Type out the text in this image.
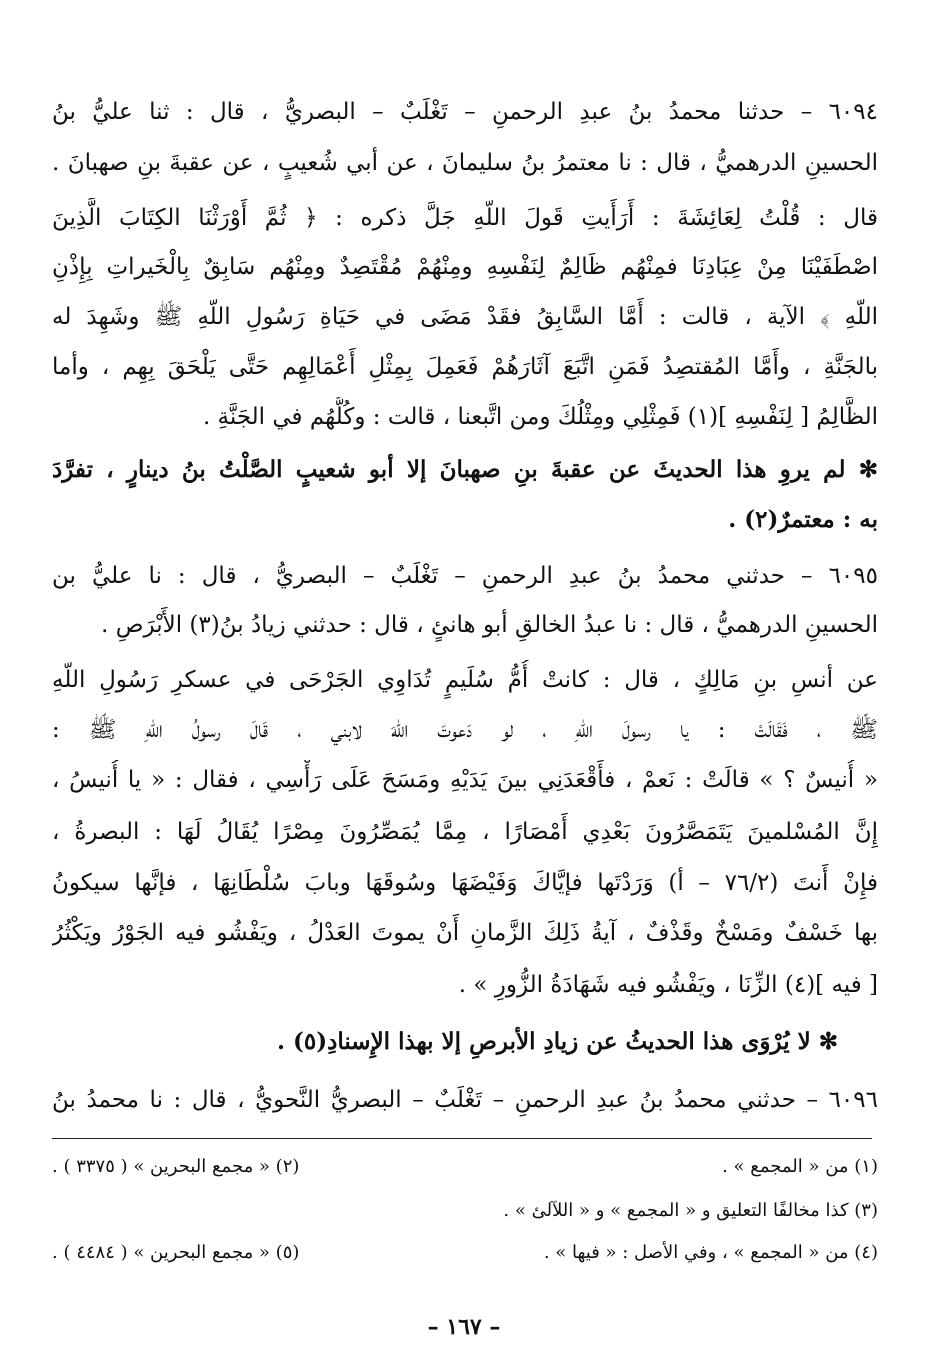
٦٠٩٤ – حدثنا محمدُ بنُ عبدِ الرحمنِ – تَغْلَبٌ – البصريُّ ، قال : ثنا عليُّ بنُ
الحسينِ الدرهميُّ ، قال : نا معتمرُ بنُ سليمانَ ، عن أبي شُعيبٍ ، عن عقبةَ بنِ صهبانَ .
قال : قُلْتُ لِعَائِشَةَ : أَرَأَيتِ قَولَ اللّهِ جَلَّ ذكره : ﴿ ثُمَّ أَوْرَثْنَا الكِتَابَ الَّذِينَ
اصْطَفَيْنَا مِنْ عِبَادِنَا فمِنْهُم ظَالِمٌ لِنَفْسِهِ ومِنْهُمْ مُقْتَصِدٌ ومِنْهُم سَابِقٌ بِالْخَيراتِ بِإِذْنِ
اللّهِ ﴾ الآية ، قالت : أَمَّا السَّابِقُ فقَدْ مَضَى في حَيَاةِ رَسُولِ اللّهِ ﷺ وشَهِدَ له
بالجَنَّةِ ، وأَمَّا المُقتصِدُ فَمَنِ اتَّبَعَ آثَارَهُمْ فَعَمِلَ بِمِثْلِ أَعْمَالِهِم حَتَّى يَلْحَقَ بِهِم ، وأما
الظَّالِمُ [ لِنَفْسِهِ ](١) فَمِثْلِي ومِثْلُكَ ومن اتَّبعنا ، قالت : وكُلُّهُم في الجَنَّةِ .
✻ لم يروِ هذا الحديثَ عن عقبةَ بنِ صهبانَ إلا أبو شعيبٍ الصَّلْتُ بنُ دينارٍ ، تفرَّدَ
به : معتمرٌ(٢) .
٦٠٩٥ – حدثني محمدُ بنُ عبدِ الرحمنِ – تَغْلَبٌ – البصريُّ ، قال : نا عليُّ بن
الحسينِ الدرهميُّ ، قال : نا عبدُ الخالقِ أبو هانئٍ ، قال : حدثني زيادُ بنُ(٣) الأَبْرَصِ .
عن أنسِ بنِ مَالِكٍ ، قال : كانتْ أُمُّ سُلَيمٍ تُدَاوِي الجَرْحَى في عسكرِ رَسُولِ اللّهِ
ﷺ ، فَقَالَتْ : يا رسولَ اللّهِ ، لو دَعوتَ اللّهَ لابني ، قَالَ رسولُ اللّهِ ﷺ :
« أُنيسٌ ؟ » قالَتْ : نَعمْ ، فأَقْعَدَنِي بينَ يَدَيْهِ ومَسَحَ عَلَى رَأْسِي ، فقال : « يا أُنيسُ ،
إِنَّ المُسْلمينَ يَتَمَصَّرُونَ بَعْدِي أَمْصَارًا ، مِمَّا يُمَصِّرُونَ مِصْرًا يُقَالُ لَهَا : البصرةُ ،
فإِنْ أَنتَ (٧٦/٢ – أ) وَرَدْتَها فإيَّاكَ وَفَيْضَهَا وسُوقَهَا وبابَ سُلْطَانِهَا ، فإنَّها سيكونُ
بها خَسْفٌ ومَسْخٌ وقَذْفٌ ، آيةُ ذَلِكَ الزَّمانِ أَنْ يموتَ العَدْلُ ، ويَفْشُو فيه الجَوْرُ ويَكْثُرُ
[ فيه ](٤) الزِّنَا ، ويَفْشُو فيه شَهَادَةُ الزُّورِ » .
✻ لا يُرْوَى هذا الحديثُ عن زيادِ الأبرصِ إلا بهذا الإِسنادِ(٥) .
٦٠٩٦ – حدثني محمدُ بنُ عبدِ الرحمنِ – تَغْلَبٌ – البصريُّ النَّحويُّ ، قال : نا محمدُ بنُ
(١) من « المجمع » .
(٢) « مجمع البحرين » ( ٣٣٧٥ ) .
(٣) كذا مخالفًا التعليق و « المجمع » و « اللآلئ » .
(٤) من « المجمع » ، وفي الأصل : « فيها » .
(٥) « مجمع البحرين » ( ٤٤٨٤ ) .
– ١٦٧ –
